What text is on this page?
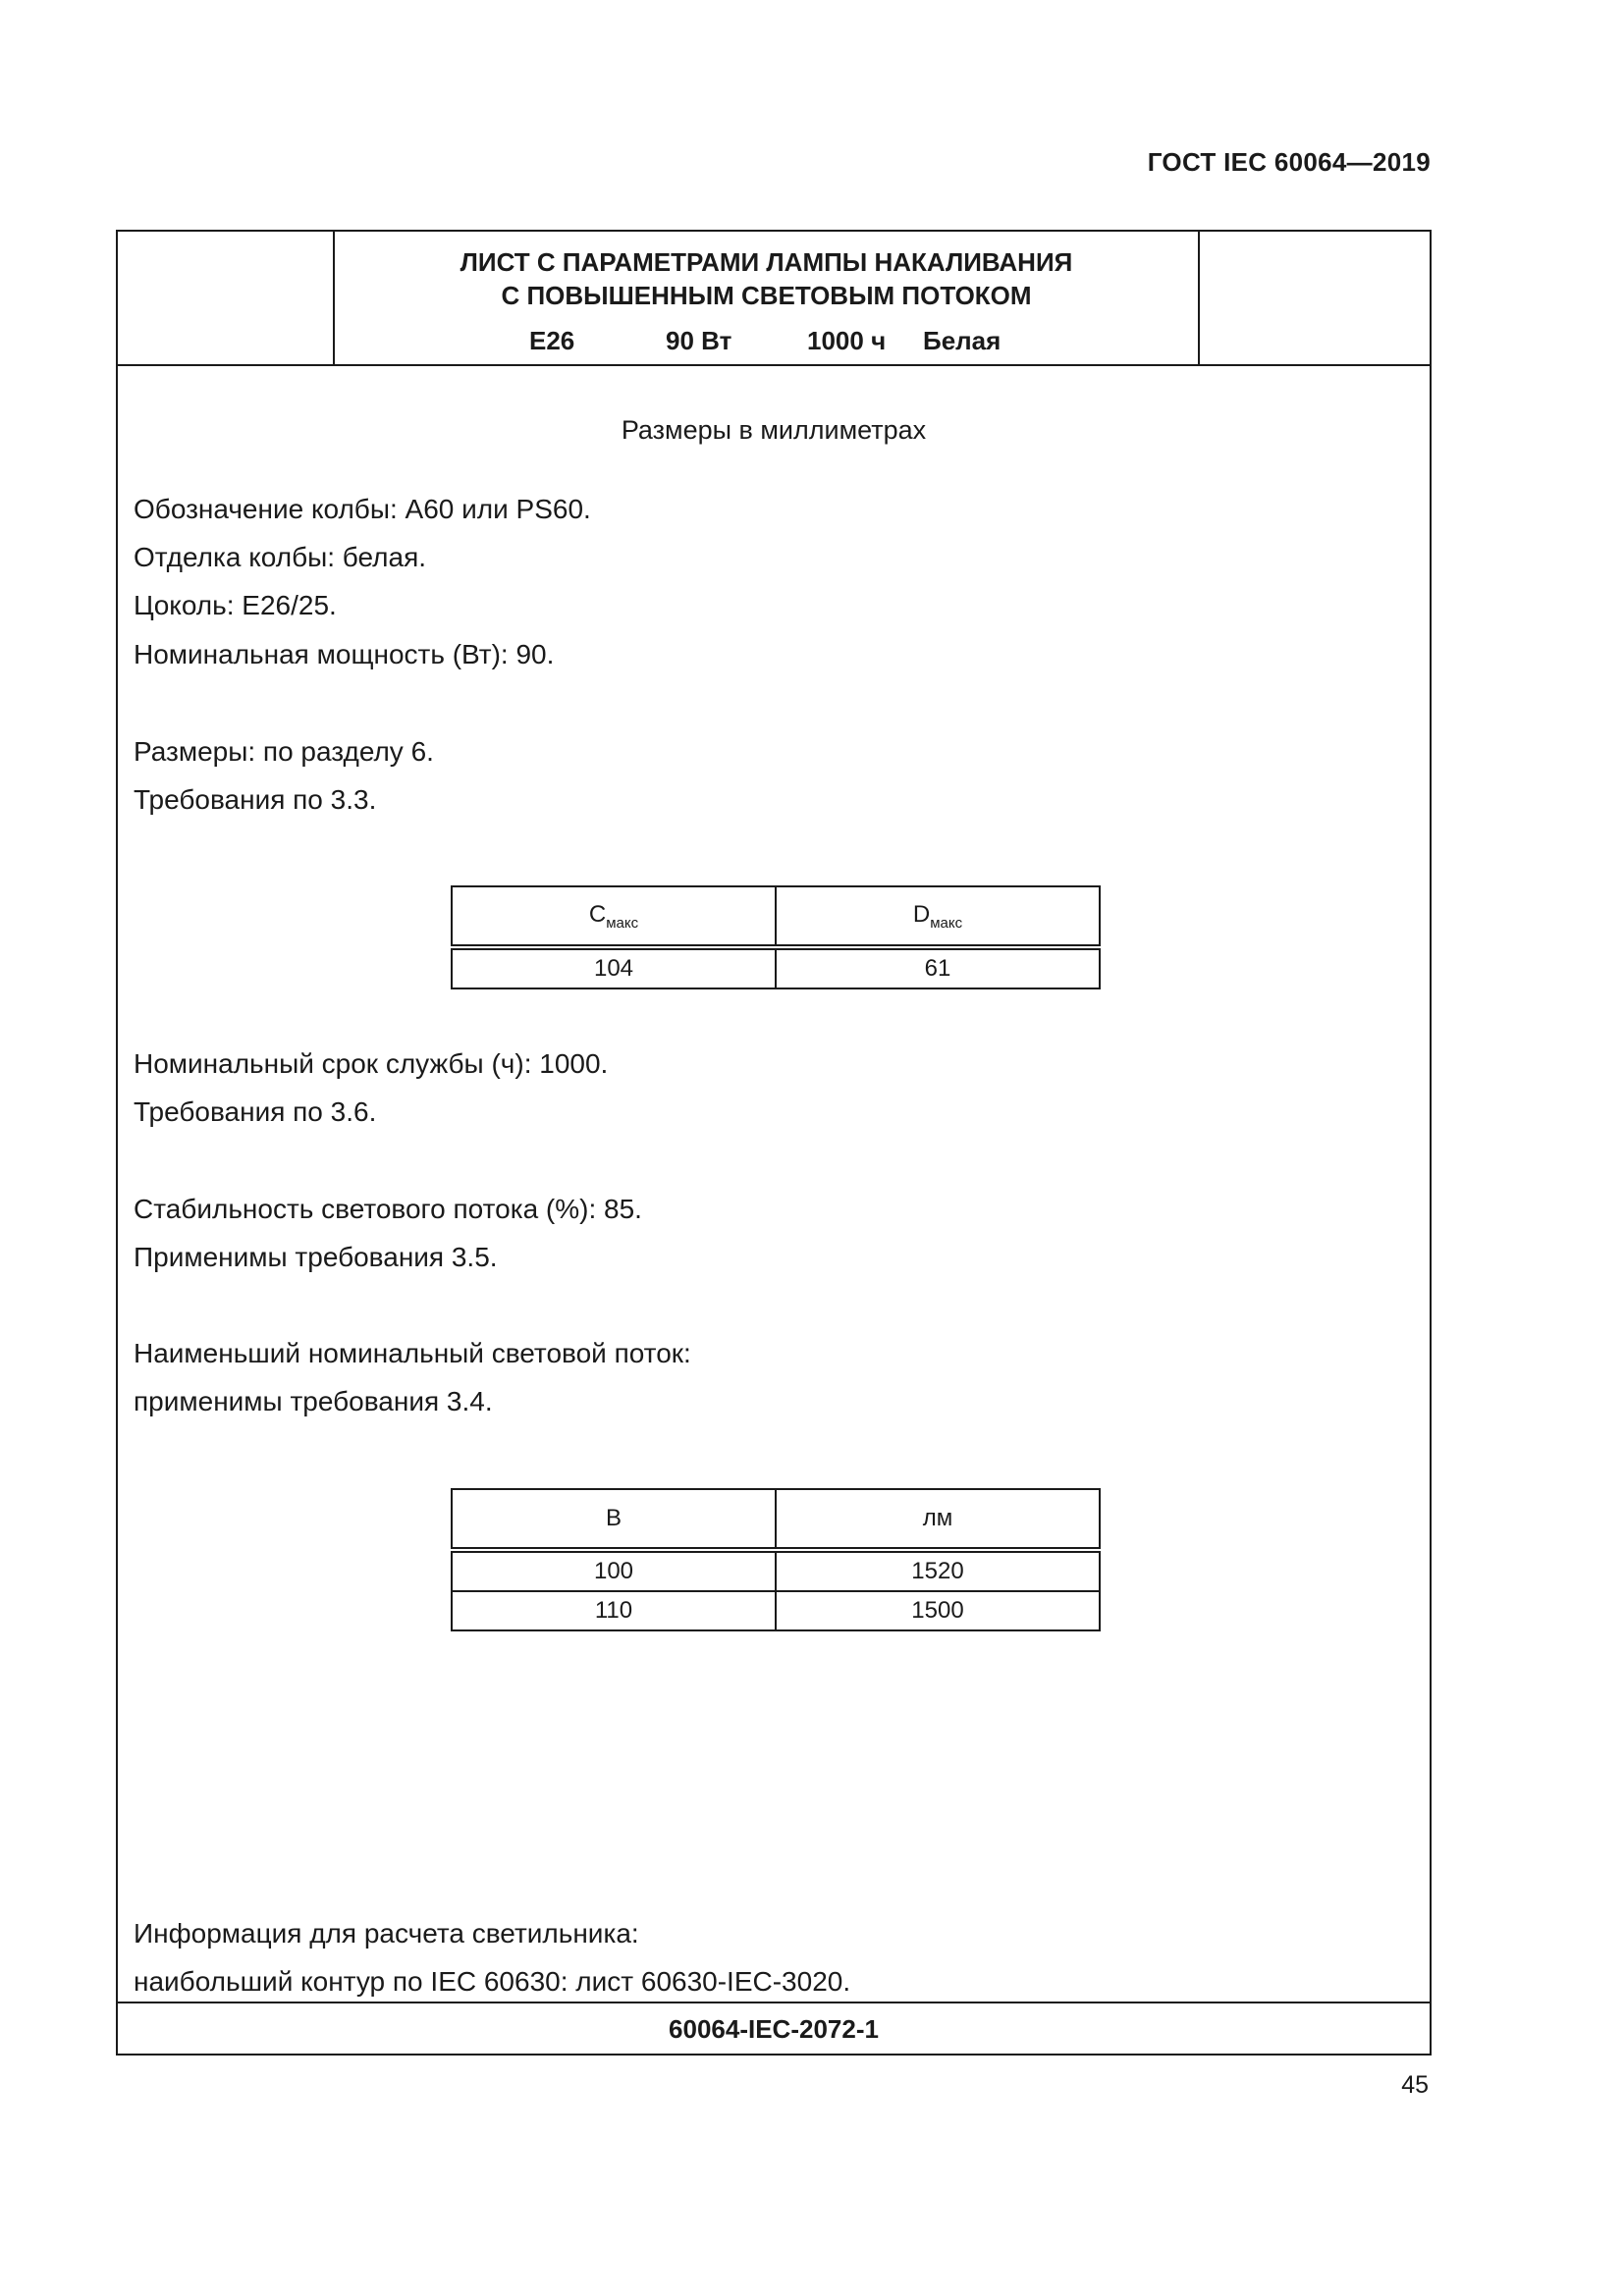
ГОСТ IEC 60064—2019
ЛИСТ С ПАРАМЕТРАМИ ЛАМПЫ НАКАЛИВАНИЯ
С ПОВЫШЕННЫМ СВЕТОВЫМ ПОТОКОМ
E26	90 Вт	1000 ч Белая
Размеры в миллиметрах
Обозначение колбы: A60 или PS60.
Отделка колбы: белая.
Цоколь: E26/25.
Номинальная мощность (Вт): 90.
Размеры: по разделу 6.
Требования по 3.3.
$C_{макс}$	$D_{макс}$
104	61
Номинальный срок службы (ч): 1000.
Требования по 3.6.
Стабильность светового потока (%): 85.
Применимы требования 3.5.
Наименьший номинальный световой поток:
применимы требования 3.4.
В	лм
100	1520
110	1500
Информация для расчета светильника:
наибольший контур по IEC 60630: лист 60630-IEC-3020.
60064-IEC-2072-1
45
